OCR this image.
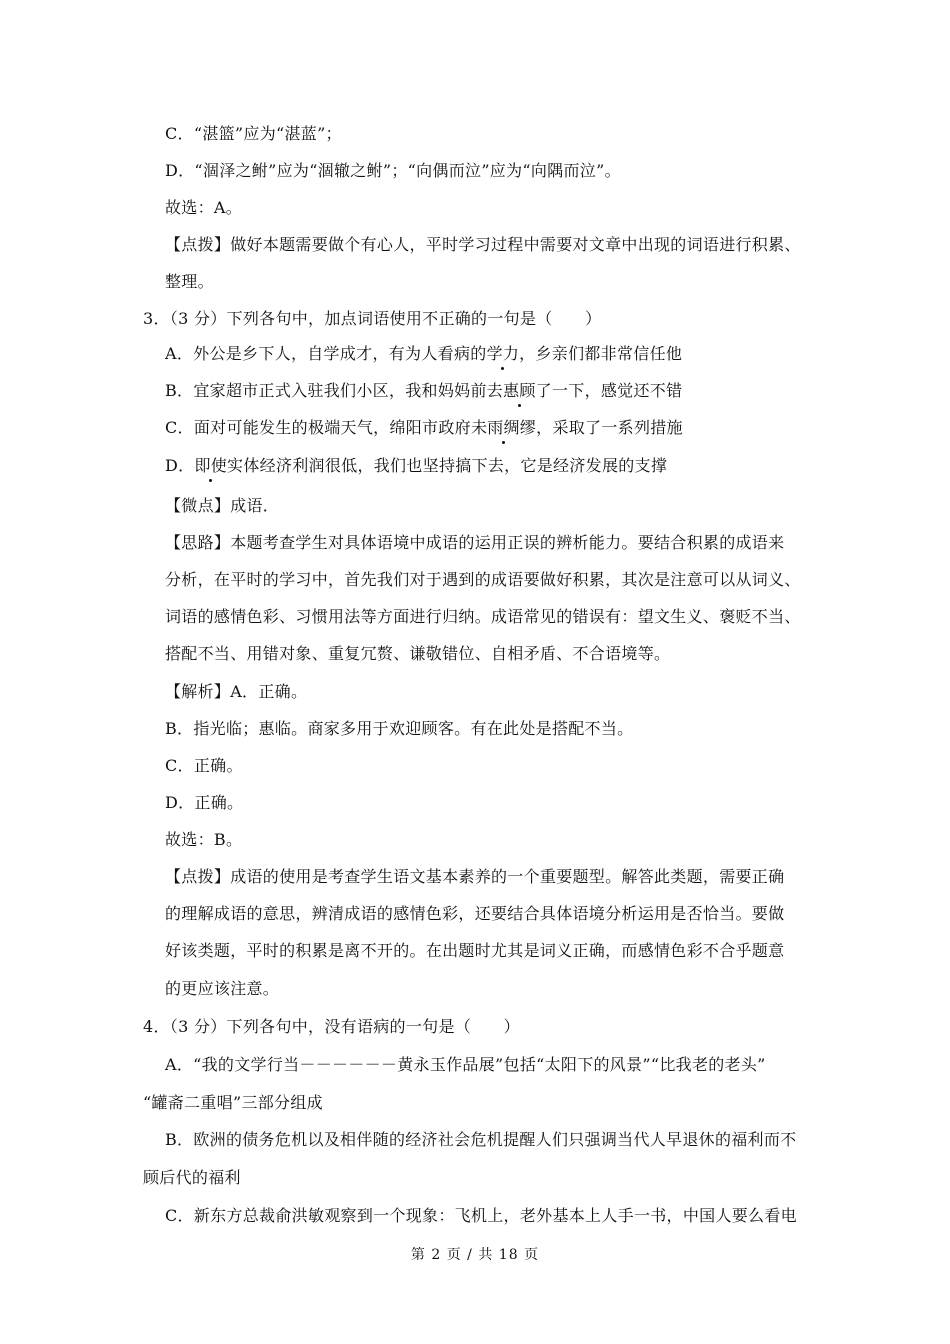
C．“湛篮”应为“湛蓝”；
D．“涸泽之鲋”应为“涸辙之鲋”；“向偶而泣”应为“向隅而泣”。
故选：A。
【点拨】做好本题需要做个有心人，平时学习过程中需要对文章中出现的词语进行积累、
整理。
3．（3 分）下列各句中，加点词语使用不正确的一句是（　　）
A．外公是乡下人，自学成才，有为人看病的学力，乡亲们都非常信任他
B．宜家超市正式入驻我们小区，我和妈妈前去惠顾了一下，感觉还不错
C．面对可能发生的极端天气，绵阳市政府未雨绸缪，采取了一系列措施
D．即使实体经济利润很低，我们也坚持搞下去，它是经济发展的支撑
【微点】成语．
【思路】本题考查学生对具体语境中成语的运用正误的辨析能力。要结合积累的成语来
分析，在平时的学习中，首先我们对于遇到的成语要做好积累，其次是注意可以从词义、
词语的感情色彩、习惯用法等方面进行归纳。成语常见的错误有：望文生义、褒贬不当、
搭配不当、用错对象、重复冗赘、谦敬错位、自相矛盾、不合语境等。
【解析】A．正确。
B．指光临；惠临。商家多用于欢迎顾客。有在此处是搭配不当。
C．正确。
D．正确。
故选：B。
【点拨】成语的使用是考查学生语文基本素养的一个重要题型。解答此类题，需要正确
的理解成语的意思，辨清成语的感情色彩，还要结合具体语境分析运用是否恰当。要做
好该类题，平时的积累是离不开的。在出题时尤其是词义正确，而感情色彩不合乎题意
的更应该注意。
4．（3 分）下列各句中，没有语病的一句是（　　）
A．“我的文学行当－－－－－－黄永玉作品展”包括“太阳下的风景”“比我老的老头”
“罐斋二重唱”三部分组成
B．欧洲的债务危机以及相伴随的经济社会危机提醒人们只强调当代人早退休的福利而不
顾后代的福利
C．新东方总裁俞洪敏观察到一个现象：飞机上，老外基本上人手一书，中国人要么看电
第 2 页 / 共 18 页
